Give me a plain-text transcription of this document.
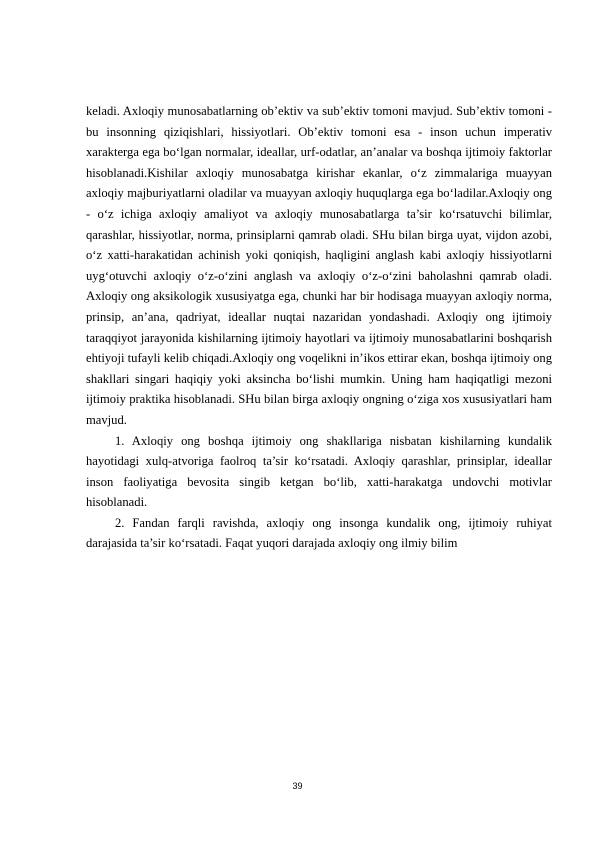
keladi. Axloqiy munosabatlarning ob’ektiv va sub’ektiv tomoni mavjud. Sub’ektiv tomoni - bu insonning qiziqishlari, hissiyotlari. Ob’ektiv tomoni esa - inson uchun imperativ xarakterga ega bo‘lgan normalar, ideallar, urf-odatlar, an’analar va boshqa ijtimoiy faktorlar hisoblanadi.Kishilar axloqiy munosabatga kirishar ekanlar, o‘z zimmalariga muayyan axloqiy majburiyatlarni oladilar va muayyan axloqiy huquqlarga ega bo‘ladilar.Axloqiy ong - o‘z ichiga axloqiy amaliyot va axloqiy munosabatlarga ta’sir ko‘rsatuvchi bilimlar, qarashlar, hissiyotlar, norma, prinsiplarni qamrab oladi. SHu bilan birga uyat, vijdon azobi, o‘z xatti-harakatidan achinish yoki qoniqish, haqligini anglash kabi axloqiy hissiyotlarni uyg‘otuvchi axloqiy o‘z-o‘zini anglash va axloqiy o‘z-o‘zini baholashni qamrab oladi. Axloqiy ong aksikologik xususiyatga ega, chunki har bir hodisaga muayyan axloqiy norma, prinsip, an’ana, qadriyat, ideallar nuqtai nazaridan yondashadi. Axloqiy ong ijtimoiy taraqqiyot jarayonida kishilarning ijtimoiy hayotlari va ijtimoiy munosabatlarini boshqarish ehtiyoji tufayli kelib chiqadi.Axloqiy ong voqelikni in’ikos ettirar ekan, boshqa ijtimoiy ong shakllari singari haqiqiy yoki aksincha bo‘lishi mumkin. Uning ham haqiqatligi mezoni ijtimoiy praktika hisoblanadi. SHu bilan birga axloqiy ongning o‘ziga xos xususiyatlari ham mavjud.

1. Axloqiy ong boshqa ijtimoiy ong shakllariga nisbatan kishilarning kundalik hayotidagi xulq-atvoriga faolroq ta’sir ko‘rsatadi. Axloqiy qarashlar, prinsiplar, ideallar inson faoliyatiga bevosita singib ketgan bo‘lib, xatti-harakatga undovchi motivlar hisoblanadi.

2. Fandan farqli ravishda, axloqiy ong insonga kundalik ong, ijtimoiy ruhiyat darajasida ta’sir ko‘rsatadi. Faqat yuqori darajada axloqiy ong ilmiy bilim

39
